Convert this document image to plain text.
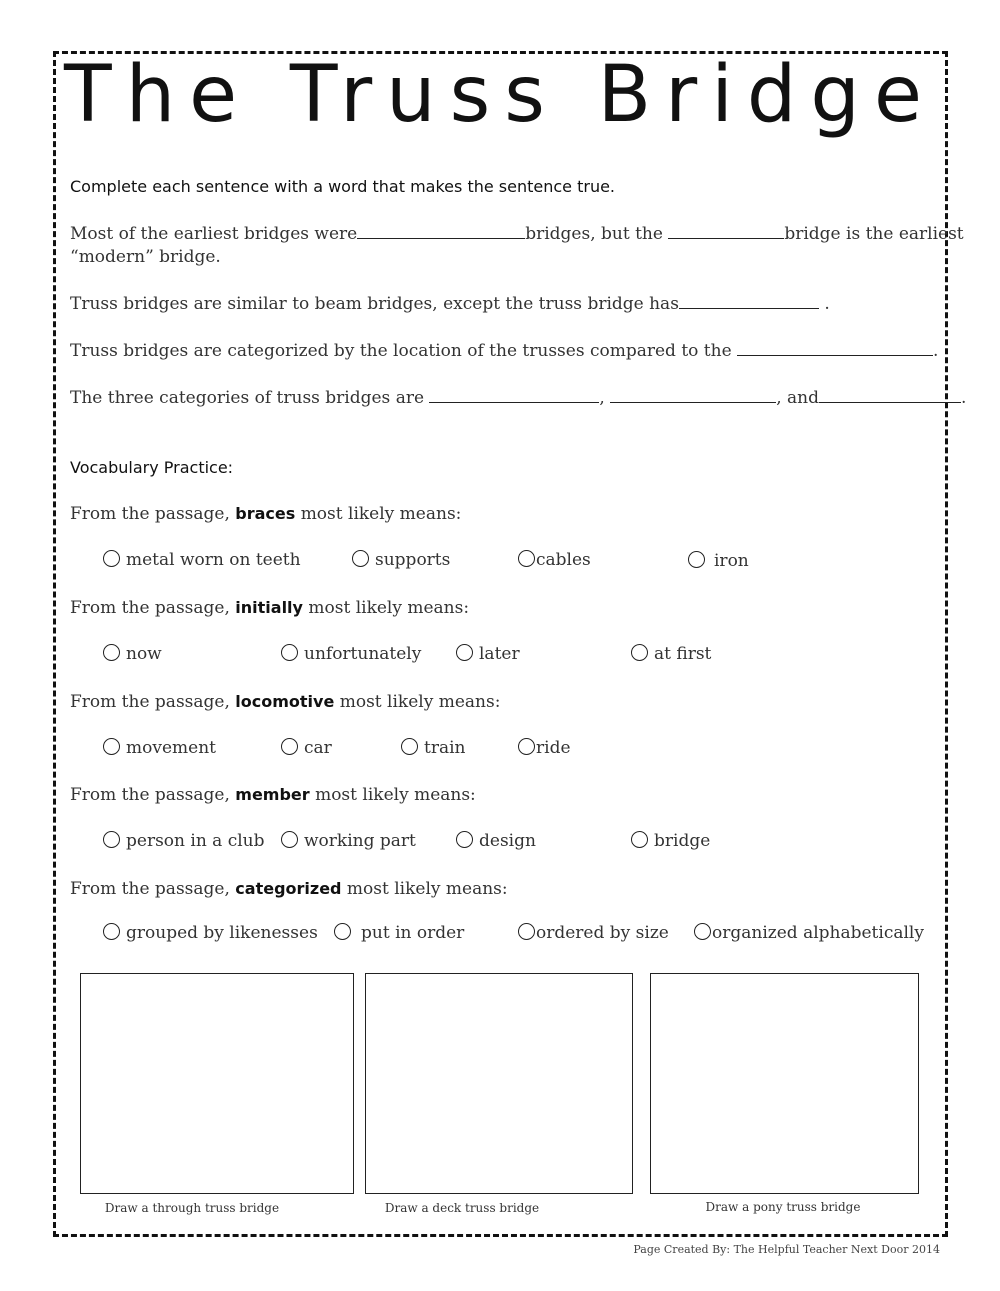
The Truss Bridge
Complete each sentence with a word that makes the sentence true.
Most of the earliest bridges were	bridges, but the	bridge is the earliest
“modern” bridge.
Truss bridges are similar to beam bridges, except the truss bridge has	.
Truss bridges are categorized by the location of the trusses compared to the	.
The three categories of truss bridges are	,	, and	.
Vocabulary Practice:
From the passage, braces most likely means:
metal worn on teeth	supports	cables	iron
From the passage, initially most likely means:
now	unfortunately	later	at first
From the passage, locomotive most likely means:
movement	car	train	ride
From the passage, member most likely means:
person in a club	working part	design	bridge
From the passage, categorized most likely means:
grouped by likenesses	put in order	ordered by size	organized alphabetically
Draw a through truss bridge	Draw a deck truss bridge	Draw a pony truss bridge
Page Created By: The Helpful Teacher Next Door 2014
